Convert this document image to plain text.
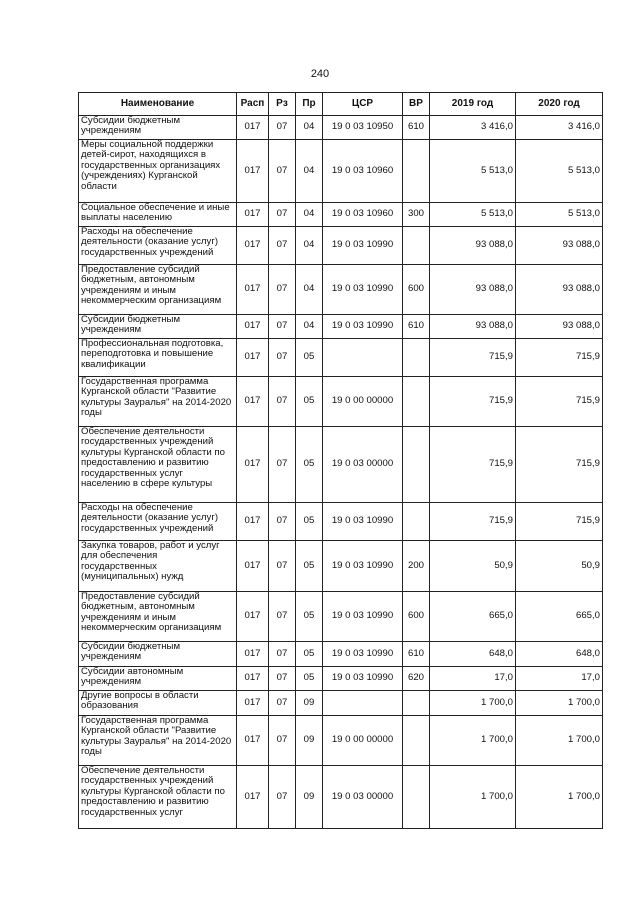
240
Наименование	Расп	Рз	Пр	ЦСР	ВР	2019 год	2020 год
Субсидии бюджетным учреждениям	017	07	04	19 0 03 10950	610	3 416,0	3 416,0
Меры социальной поддержки детей-сирот, находящихся в государственных организациях (учреждениях) Курганской области	017	07	04	19 0 03 10960		5 513,0	5 513,0
Социальное обеспечение и иные выплаты населению	017	07	04	19 0 03 10960	300	5 513,0	5 513,0
Расходы на обеспечение деятельности (оказание услуг) государственных учреждений	017	07	04	19 0 03 10990		93 088,0	93 088,0
Предоставление субсидий бюджетным, автономным учреждениям и иным некоммерческим организациям	017	07	04	19 0 03 10990	600	93 088,0	93 088,0
Субсидии бюджетным учреждениям	017	07	04	19 0 03 10990	610	93 088,0	93 088,0
Профессиональная подготовка, переподготовка и повышение квалификации	017	07	05			715,9	715,9
Государственная программа Курганской области "Развитие культуры Зауралья" на 2014-2020 годы	017	07	05	19 0 00 00000		715,9	715,9
Обеспечение деятельности государственных учреждений культуры Курганской области по предоставлению и развитию государственных услуг населению в сфере культуры	017	07	05	19 0 03 00000		715,9	715,9
Расходы на обеспечение деятельности (оказание услуг) государственных учреждений	017	07	05	19 0 03 10990		715,9	715,9
Закупка товаров, работ и услуг для обеспечения государственных (муниципальных) нужд	017	07	05	19 0 03 10990	200	50,9	50,9
Предоставление субсидий бюджетным, автономным учреждениям и иным некоммерческим организациям	017	07	05	19 0 03 10990	600	665,0	665,0
Субсидии бюджетным учреждениям	017	07	05	19 0 03 10990	610	648,0	648,0
Субсидии автономным учреждениям	017	07	05	19 0 03 10990	620	17,0	17,0
Другие вопросы в области образования	017	07	09			1 700,0	1 700,0
Государственная программа Курганской области "Развитие культуры Зауралья" на 2014-2020 годы	017	07	09	19 0 00 00000		1 700,0	1 700,0
Обеспечение деятельности государственных учреждений культуры Курганской области по предоставлению и развитию государственных услуг	017	07	09	19 0 03 00000		1 700,0	1 700,0
